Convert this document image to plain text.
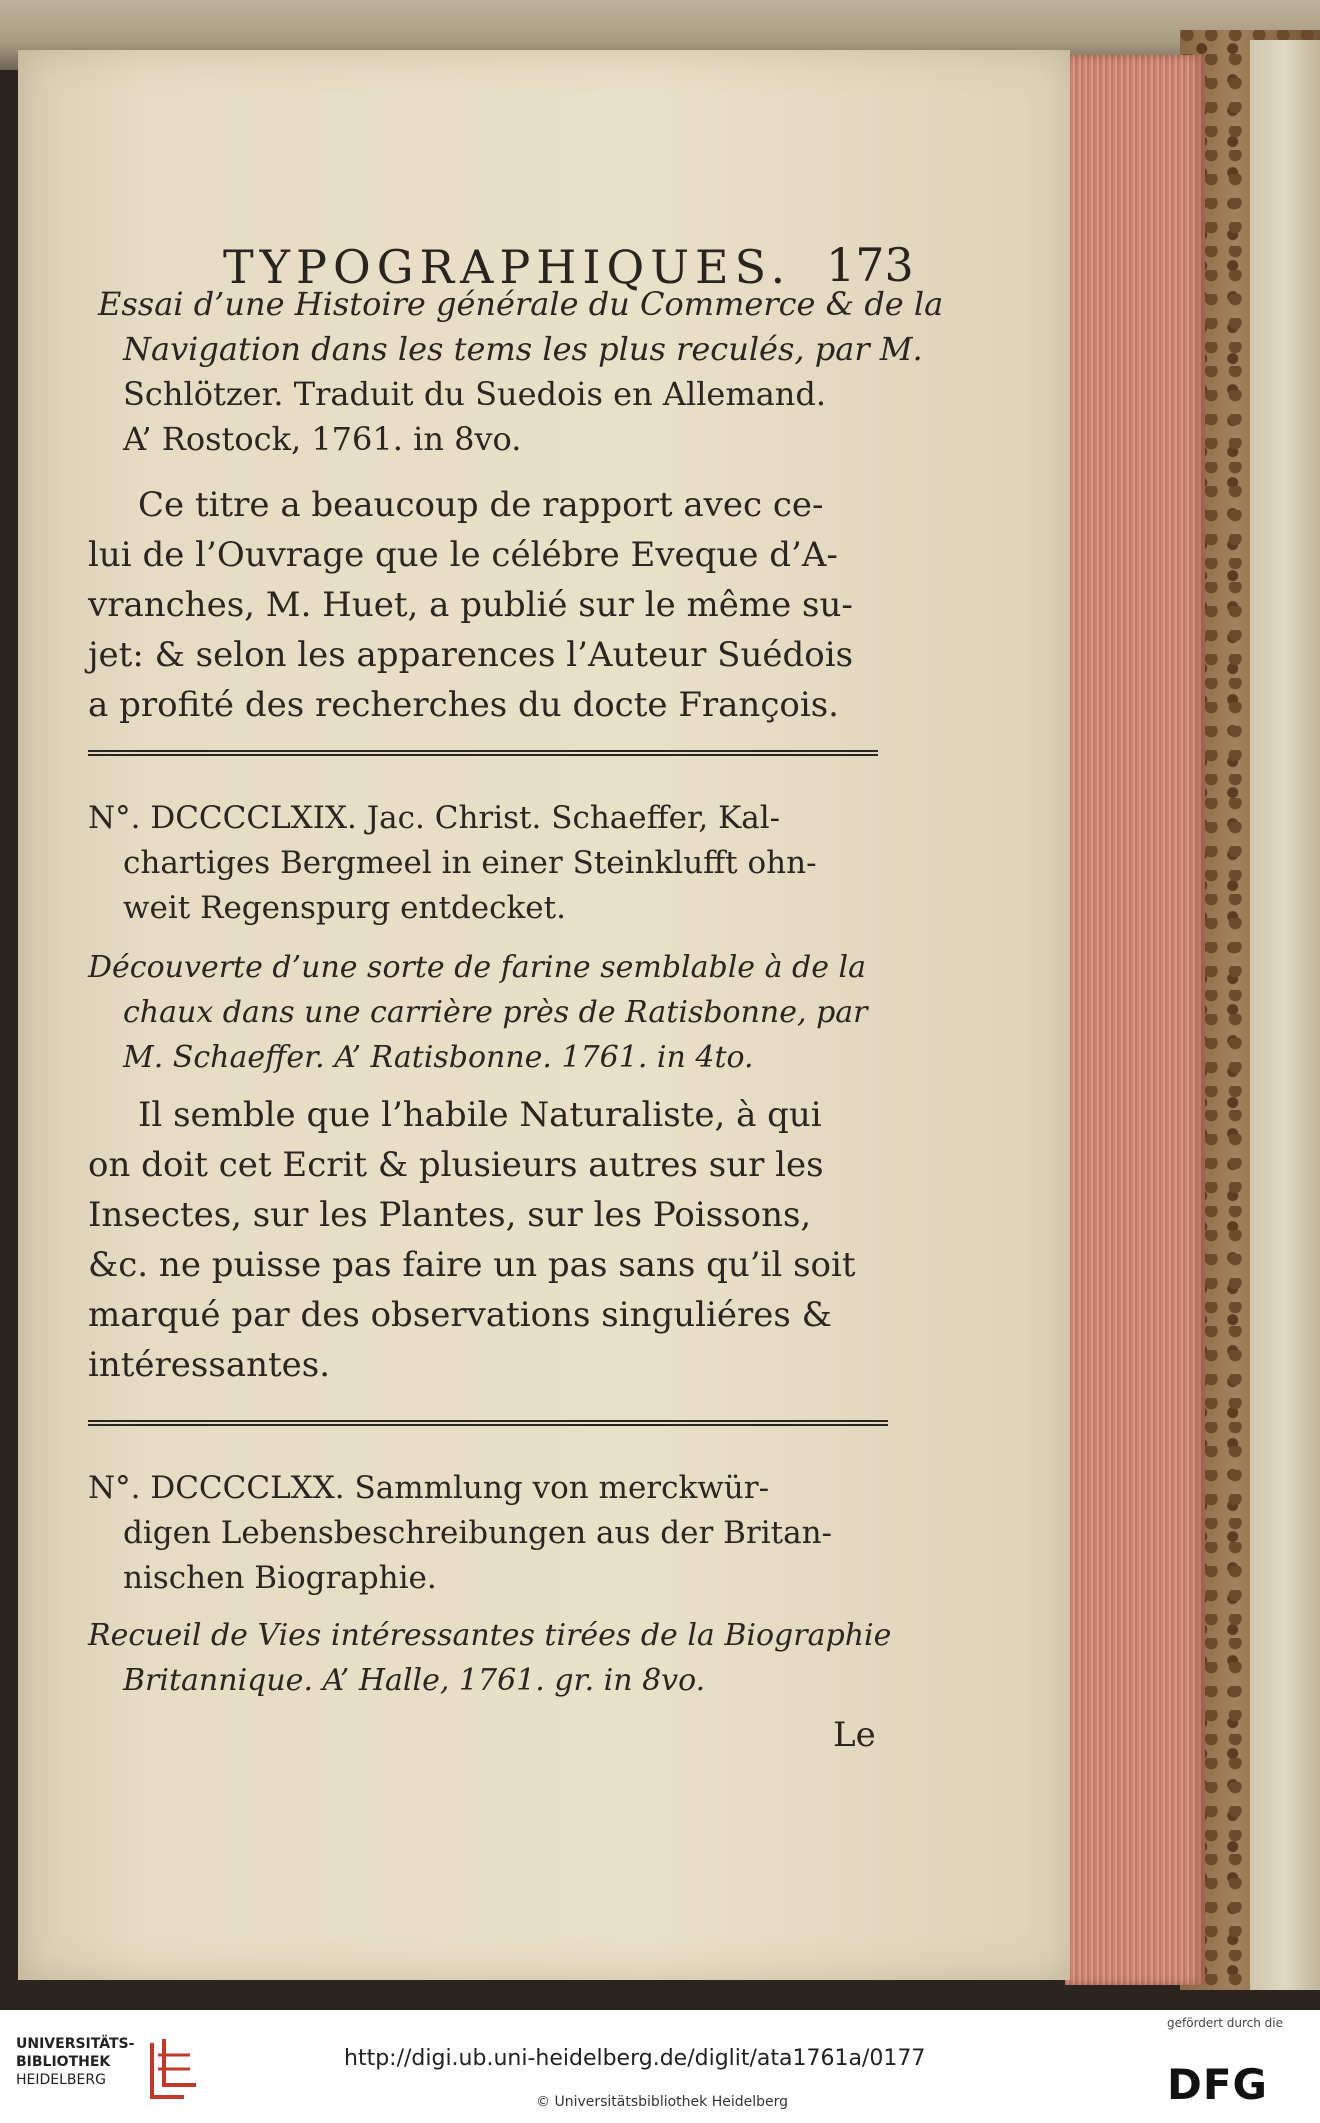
TYPOGRAPHIQUES. 173
Essai d’une Histoire générale du Commerce & de la
Navigation dans les tems les plus reculés, par M.
Schlötzer. Traduit du Suedois en Allemand.
A’ Rostock, 1761. in 8vo.
Ce titre a beaucoup de rapport avec ce-
lui de l’Ouvrage que le célébre Eveque d’A-
vranches, M. Huet, a publié sur le même su-
jet: & selon les apparences l’Auteur Suédois
a profité des recherches du docte François.
N°. DCCCCLXIX. Jac. Christ. Schaeffer, Kal-
chartiges Bergmeel in einer Steinklufft ohn-
weit Regenspurg entdecket.
Découverte d’une sorte de farine semblable à de la
chaux dans une carrière près de Ratisbonne, par
M. Schaeffer. A’ Ratisbonne. 1761. in 4to.
Il semble que l’habile Naturaliste, à qui
on doit cet Ecrit & plusieurs autres sur les
Insectes, sur les Plantes, sur les Poissons,
&c. ne puisse pas faire un pas sans qu’il soit
marqué par des observations singuliéres &
intéressantes.
N°. DCCCCLXX. Sammlung von merckwür-
digen Lebensbeschreibungen aus der Britan-
nischen Biographie.
Recueil de Vies intéressantes tirées de la Biographie
Britannique. A’ Halle, 1761. gr. in 8vo.
Le
UNIVERSITÄTS-
BIBLIOTHEK
HEIDELBERG
http://digi.ub.uni-heidelberg.de/diglit/ata1761a/0177
© Universitätsbibliothek Heidelberg
gefördert durch die
DFG
